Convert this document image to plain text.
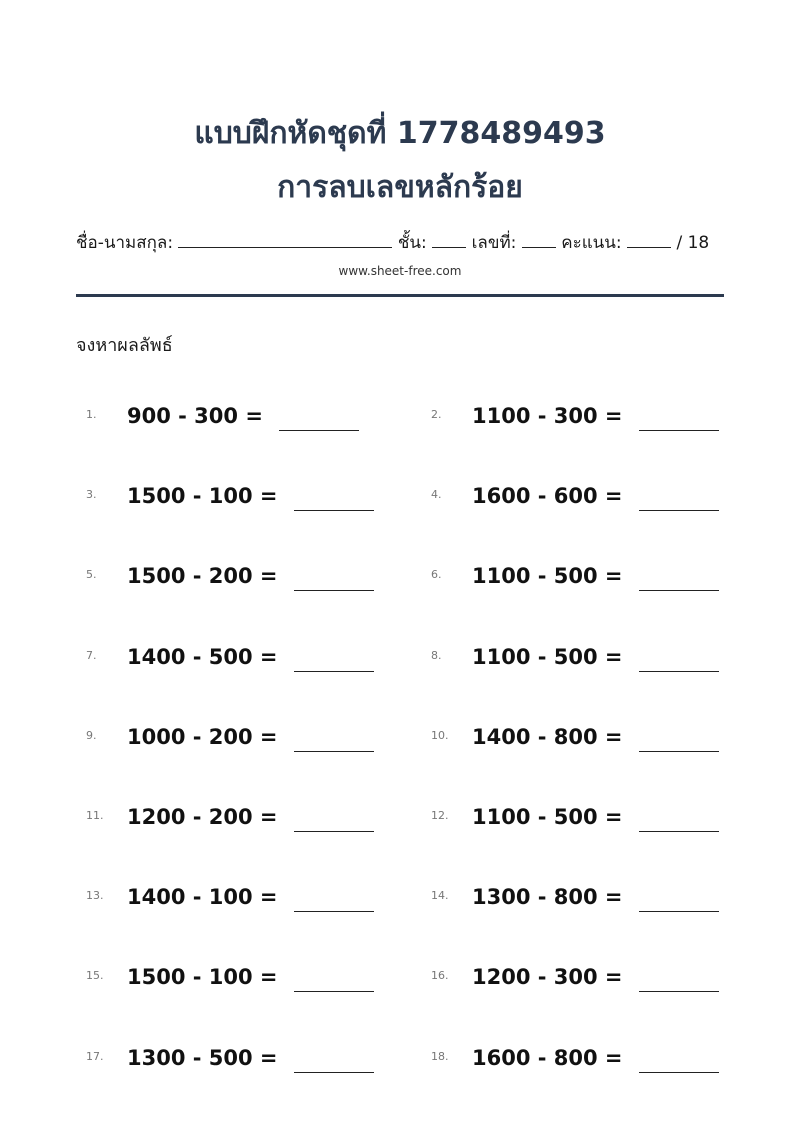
แบบฝึกหัดชุดที่ 1778489493
การลบเลขหลักร้อย
ชื่อ-นามสกุล:	ชั้น:	เลขที่:	คะแนน:	/ 18
www.sheet-free.com
จงหาผลลัพธ์
1. 900 - 300 =	2. 1100 - 300 =
3. 1500 - 100 =	4. 1600 - 600 =
5. 1500 - 200 =	6. 1100 - 500 =
7. 1400 - 500 =	8. 1100 - 500 =
9. 1000 - 200 =	10. 1400 - 800 =
11. 1200 - 200 =	12. 1100 - 500 =
13. 1400 - 100 =	14. 1300 - 800 =
15. 1500 - 100 =	16. 1200 - 300 =
17. 1300 - 500 =	18. 1600 - 800 =
